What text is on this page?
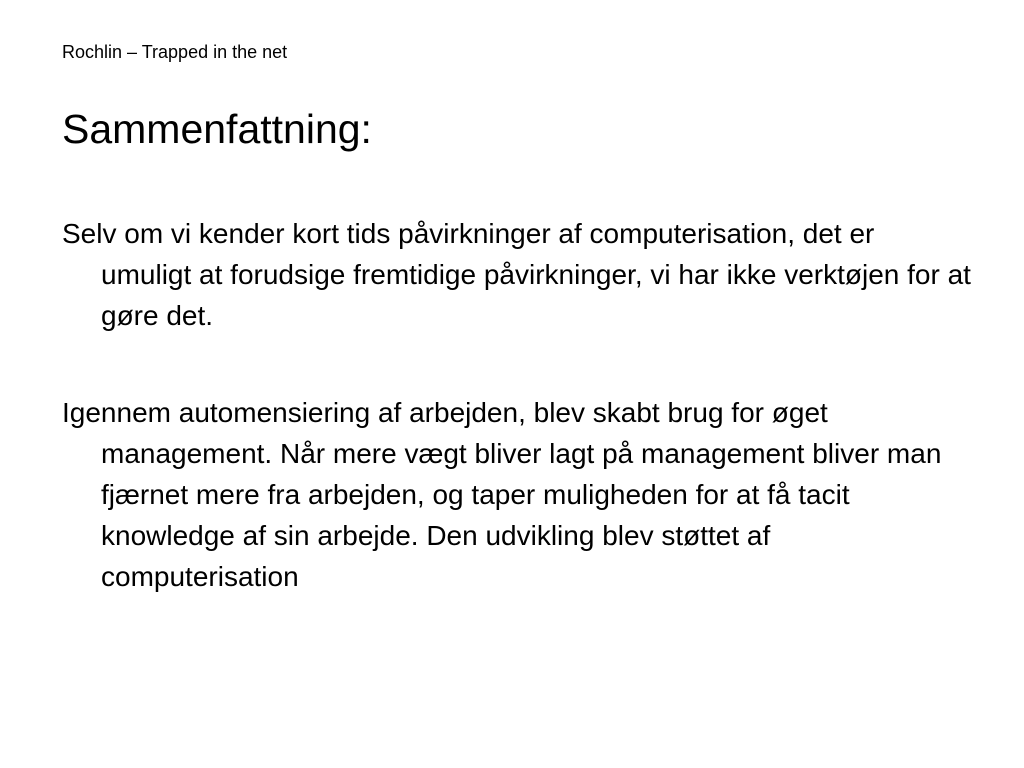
Rochlin – Trapped in the net
Sammenfattning:
Selv om vi kender kort tids påvirkninger af computerisation, det er umuligt at forudsige fremtidige påvirkninger, vi har ikke verktøjen for at gøre det.
Igennem automensiering af arbejden, blev skabt brug for øget management. Når mere vægt bliver lagt på management bliver man fjærnet mere fra arbejden, og taper muligheden for at få tacit knowledge af sin arbejde. Den udvikling blev støttet af computerisation
